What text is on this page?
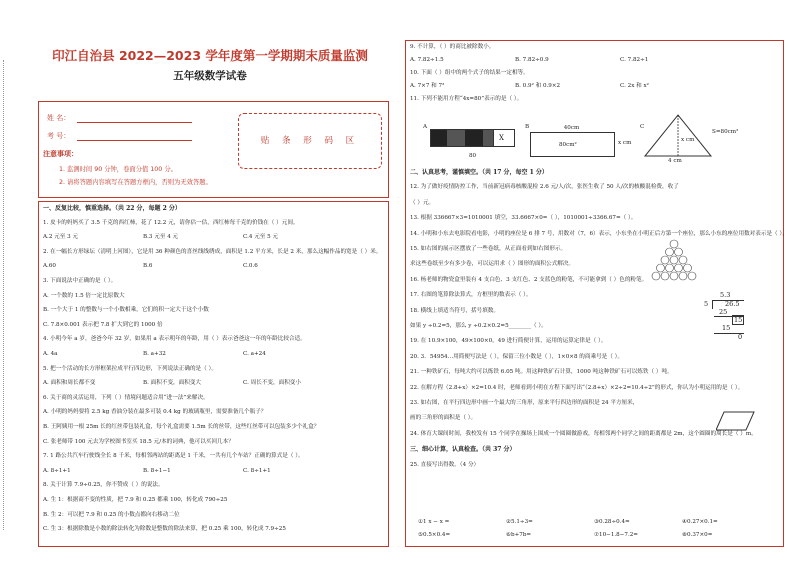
印江自治县 2022—2023 学年度第一学期期末质量监测
五年级数学试卷
姓 名：
考 号：
注意事项：
1. 监测时间 90 分钟，卷面分值 100 分。
2. 请将答题内容填写在答题方框内，否则为无效答题。
贴 条 形 码 区
一、反复比较，慎重选择。（共 22 分，每题 2 分）
1. 皮卡的妈妈买了 3.5 千克的西红柿，花了 12.2 元，请你估一估，西红柿每千克的价钱在（ ）元间。
A.2 元至 3 元	B.3 元至 4 元	C.4 元至 5 元
2. 在一幅长方形绿坛（清明上河图），它是用 36 种颜色的喜丝线线绣成，面积是 1.2 平方米，长是 2 米，那么这幅作品的宽是（ ）米。
A.60	B.6	C.0.6
3. 下面说法中正确的是（ ）。
A. 一个数的 1.5 倍一定比原数大
B. 一个大于 1 的整数与一个小数相乘，它们的积一定大于这个小数
C. 7.8×0.001 表示把 7.8 扩大到它的 1000 倍
4. 小明今年 a 岁，爸爸今年 32 岁，如果用 a 表示明年的年龄，用（ ）表示爸爸这一年的年龄比较合适。
A. 4a	B. a+32	C. a+24
5. 把一个活动的长方形框架拉成平行四边形，下列说法正确的是（ ）。
A. 面积和周长都不变	B. 面积不变，面积变大	C. 周长不变，面积变小
6. 关于商的灵活运用，下列（ ）情境问题适合用“进一法”来解决。
A. 小明的妈妈要将 2.5 kg 香油分装在最多可装 0.4 kg 的玻璃瓶里，需要准备几个瓶子？
B. 王阿姨用一根 25m 长的红丝带包装礼盒，每个礼盒需要 1.5m 长的丝带，这些红丝带可以包装多少个礼盒？
C. 张老师带 100 元去为学校图书室买 18.5 元/本的词典，他可以买回几本？
7. 1 路公共汽车行驶线全长 8 千米，每相邻两站的距离是 1 千米，一共有几个车站？正确的算式是（ ）。
A. 8÷1+1	B. 8÷1−1	C. 8÷1+1
8. 关于计算 7.9÷0.25，你不赞成（ ）的说法。
A. 生 1：根据商不变的性质，把 7.9 和 0.25 都乘 100，转化成 790÷25
B. 生 2：可以把 7.9 和 0.25 的小数点都向右移动二位
C. 生 3：根据除数是小数的除法转化为除数是整数的除法来算，把 0.25 乘 100，转化成 7.9÷25
9. 不计算，（ ）的商比被除数小。
A. 7.82÷1.5	B. 7.82÷0.9	C. 7.82÷1
10. 下面（ ）组中的两个式子的结果一定相等。
A. 7×7 和 7²	B. 0.9² 和 0.9×2	C. 2x 和 x²
11. 下列不能用方程“4x=80”表示的是（ ）。
A
X
80
B	40cm
80cm²	x cm
C
x cm
4 cm
S=80cm²
二、认真思考，谨慎填空。（共 17 分，每空 1 分）
12. 为了做好疫情防控工作，当前新冠病毒核酸混检 2.6 元/人/次，张医生收了 50 人/次的核酸混检费，收了
（ ）元。
13. 根据 336667×3=1010001 填空，33.6667×0=（ ），1010001÷3366.67=（ ）。
14. 小明和小东去电影院看电影，小明的座位是 6 排 7 号，用数对（7，6）表示，小东坐在小明正后方第一个座位，那么小东的座位用数对表示是（ ）。
15. 如右图的展示区摆放了一些卷纸，从正面看到如右图形示。
求这些卷纸至少有多少卷，可以运用求（ ）图形的面积公式解决。
16. 杨老师的物瓷盒里装有 4 支白色、3 支红色、2 支蓝色的粉笔，不可能拿到（ ）色的粉笔。
17. 右图的笔算除法算式，方框里的数表示（ ）。
18. 横线上填适当符号，括号填数。
如果 y ÷0.2=5，那么 y ÷0.2×0.2=5________（ ）。
19. 在 10.9×100，49×100×0，49 进行简便计算，运用的运算定律是（ ）。
20. 3．54954…用简便写法是（ ），保留三位小数是（ ），1×0×8 的商乘号是（ ）。
21. 一种铁矿石，每吨大约可以炼铁 6.05 吨。用这种铁矿石计算，1000 吨这种铁矿石可以炼铁（ ）吨。
22. 在解方程（2.8+x）×2=10.4 时，老师看到小明在方程下面写出“（2.8+x）×2÷2=10.4÷2”的形式，你认为小明运用的是（ ）。
23. 如右图，在平行四边形中画一个最大的三角形，原来平行四边形的面积是 24 平方厘米，
画的三角形的面积是（ ）。
24. 体育大课间时间，我校发有 15 个同学在操场上围成一个圆圈做游戏，每相邻两个同学之间的距离都是 2m，这个圆圈的周长是（ ）m。
三、细心计算，认真检查。（共 37 分）
25. 直接写出得数。（4 分）
5.3
5	26.5
25
15
15
0
①1 x − x =	②5.1÷3=	③0.28÷0.4=	④0.27×0.1=
⑤0.5×0.4=	⑥b+7b=	⑦10−1.8−7.2=	⑧0.37×0=
